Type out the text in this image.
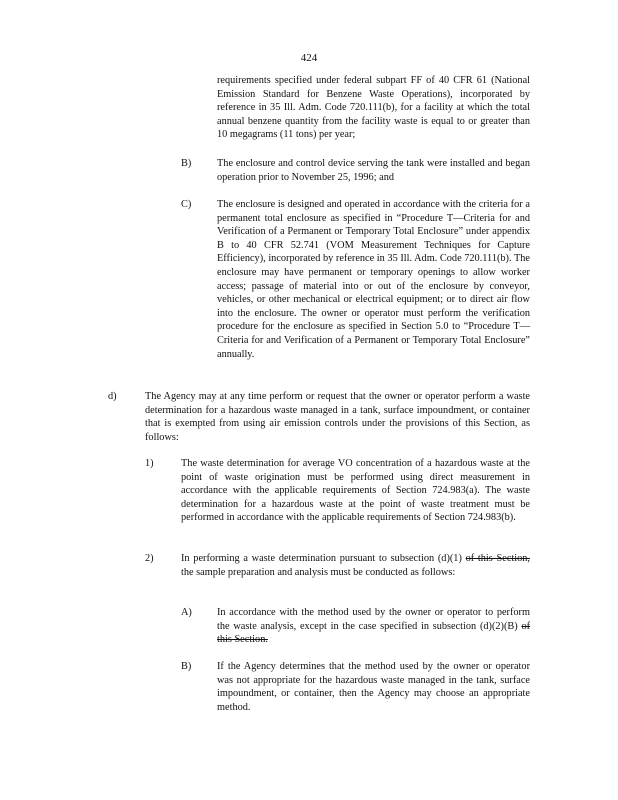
424
requirements specified under federal subpart FF of 40 CFR 61 (National Emission Standard for Benzene Waste Operations), incorporated by reference in 35 Ill. Adm. Code 720.111(b), for a facility at which the total annual benzene quantity from the facility waste is equal to or greater than 10 megagrams (11 tons) per year;
B) The enclosure and control device serving the tank were installed and began operation prior to November 25, 1996; and
C) The enclosure is designed and operated in accordance with the criteria for a permanent total enclosure as specified in “Procedure T—Criteria for and Verification of a Permanent or Temporary Total Enclosure” under appendix B to 40 CFR 52.741 (VOM Measurement Techniques for Capture Efficiency), incorporated by reference in 35 Ill. Adm. Code 720.111(b). The enclosure may have permanent or temporary openings to allow worker access; passage of material into or out of the enclosure by conveyor, vehicles, or other mechanical or electrical equipment; or to direct air flow into the enclosure. The owner or operator must perform the verification procedure for the enclosure as specified in Section 5.0 to “Procedure T—Criteria for and Verification of a Permanent or Temporary Total Enclosure” annually.
d)	The Agency may at any time perform or request that the owner or operator perform a waste determination for a hazardous waste managed in a tank, surface impoundment, or container that is exempted from using air emission controls under the provisions of this Section, as follows:
1)	The waste determination for average VO concentration of a hazardous waste at the point of waste origination must be performed using direct measurement in accordance with the applicable requirements of Section 724.983(a). The waste determination for a hazardous waste at the point of waste treatment must be performed in accordance with the applicable requirements of Section 724.983(b).
2)	In performing a waste determination pursuant to subsection (d)(1) of this Section, the sample preparation and analysis must be conducted as follows:
A) In accordance with the method used by the owner or operator to perform the waste analysis, except in the case specified in subsection (d)(2)(B) of this Section.
B) If the Agency determines that the method used by the owner or operator was not appropriate for the hazardous waste managed in the tank, surface impoundment, or container, then the Agency may choose an appropriate method.
